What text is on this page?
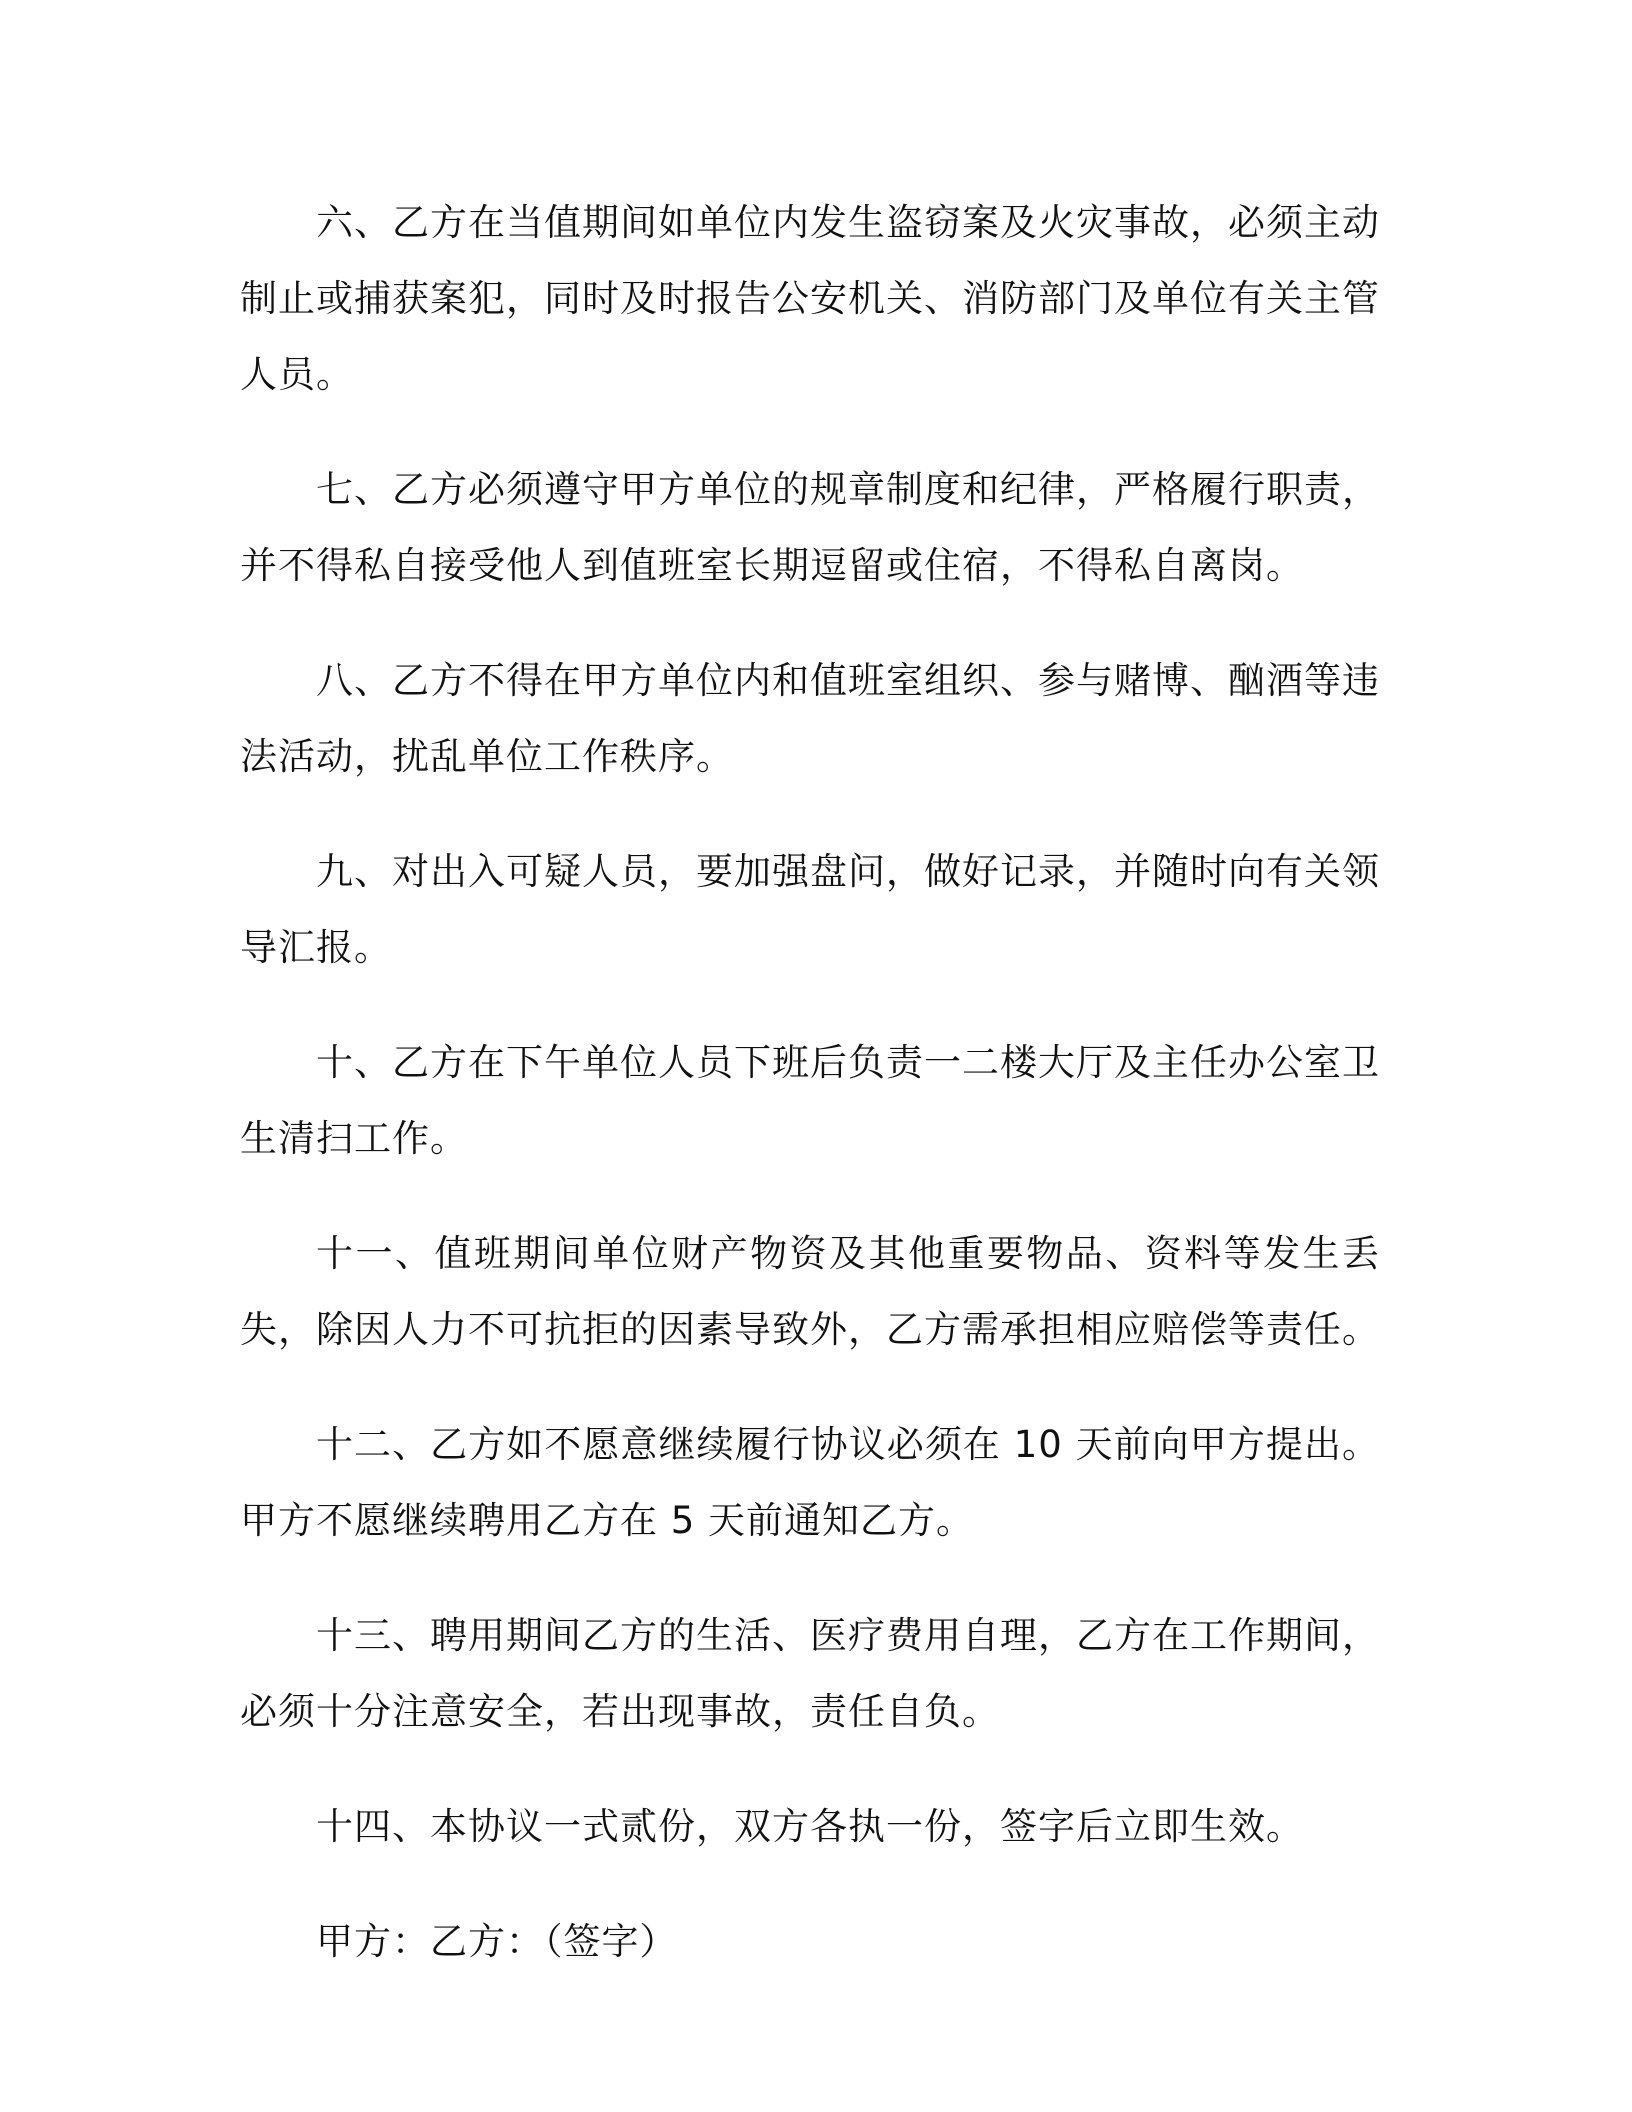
六、乙方在当值期间如单位内发生盗窃案及火灾事故，必须主动制止或捕获案犯，同时及时报告公安机关、消防部门及单位有关主管人员。

七、乙方必须遵守甲方单位的规章制度和纪律，严格履行职责，并不得私自接受他人到值班室长期逗留或住宿，不得私自离岗。

八、乙方不得在甲方单位内和值班室组织、参与赌博、酗酒等违法活动，扰乱单位工作秩序。

九、对出入可疑人员，要加强盘问，做好记录，并随时向有关领导汇报。

十、乙方在下午单位人员下班后负责一二楼大厅及主任办公室卫生清扫工作。

十一、值班期间单位财产物资及其他重要物品、资料等发生丢失，除因人力不可抗拒的因素导致外，乙方需承担相应赔偿等责任。

十二、乙方如不愿意继续履行协议必须在 10 天前向甲方提出。甲方不愿继续聘用乙方在 5 天前通知乙方。

十三、聘用期间乙方的生活、医疗费用自理，乙方在工作期间，必须十分注意安全，若出现事故，责任自负。

十四、本协议一式贰份，双方各执一份，签字后立即生效。

甲方：乙方：（签字）
